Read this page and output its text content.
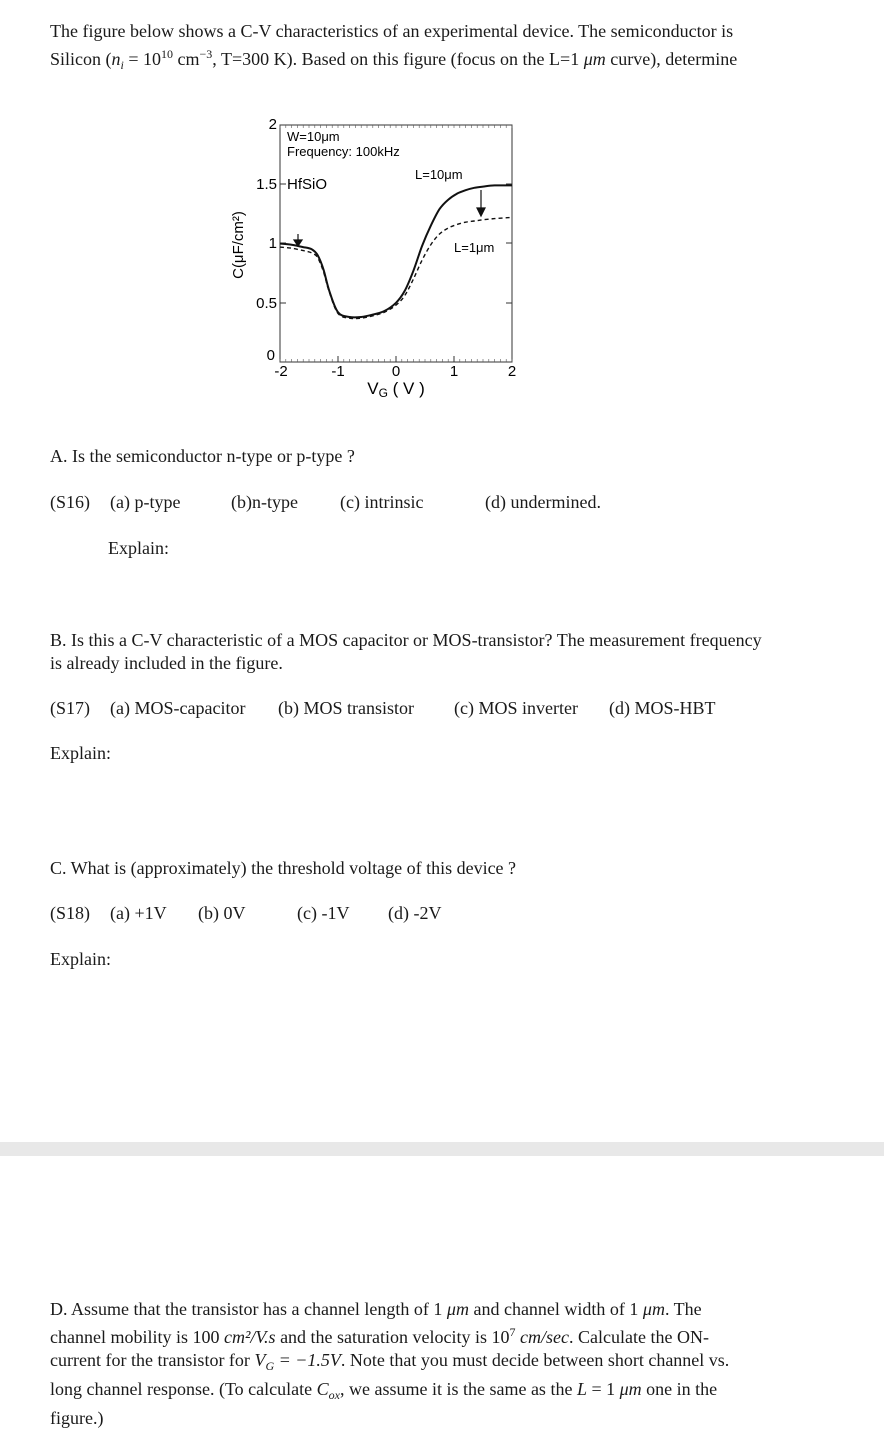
The figure below shows a C-V characteristics of an experimental device. The semiconductor is
Silicon ($n_i = 10^{10}$ $cm^{-3}$, T=300 K). Based on this figure (focus on the L=1 μm curve), determine
2
1.5
1
0.5
0
-2	-1	0	1	2
VG ( V )
C(μF/cm²)
W=10μm
Frequency: 100kHz
HfSiO
L=10μm
L=1μm
A. Is the semiconductor n-type or p-type ?
(S16) (a) p-type	(b)n-type (c) intrinsic	(d) undermined.
Explain:
B. Is this a C-V characteristic of a MOS capacitor or MOS-transistor? The measurement frequency
is already included in the figure.
(S17) (a) MOS-capacitor (b) MOS transistor (c) MOS inverter (d) MOS-HBT
Explain:
C. What is (approximately) the threshold voltage of this device ?
(S18) (a) +1V (b) 0V	(c) -1V (d) -2V
Explain:
D. Assume that the transistor has a channel length of 1 μm and channel width of 1 μm. The
channel mobility is 100 cm²/V.s and the saturation velocity is $10^7$ cm/sec. Calculate the ON-
current for the transistor for $V_G = -1.5V$. Note that you must decide between short channel vs.
long channel response. (To calculate $C_{ox}$, we assume it is the same as the L = 1 μm one in the
figure.)
